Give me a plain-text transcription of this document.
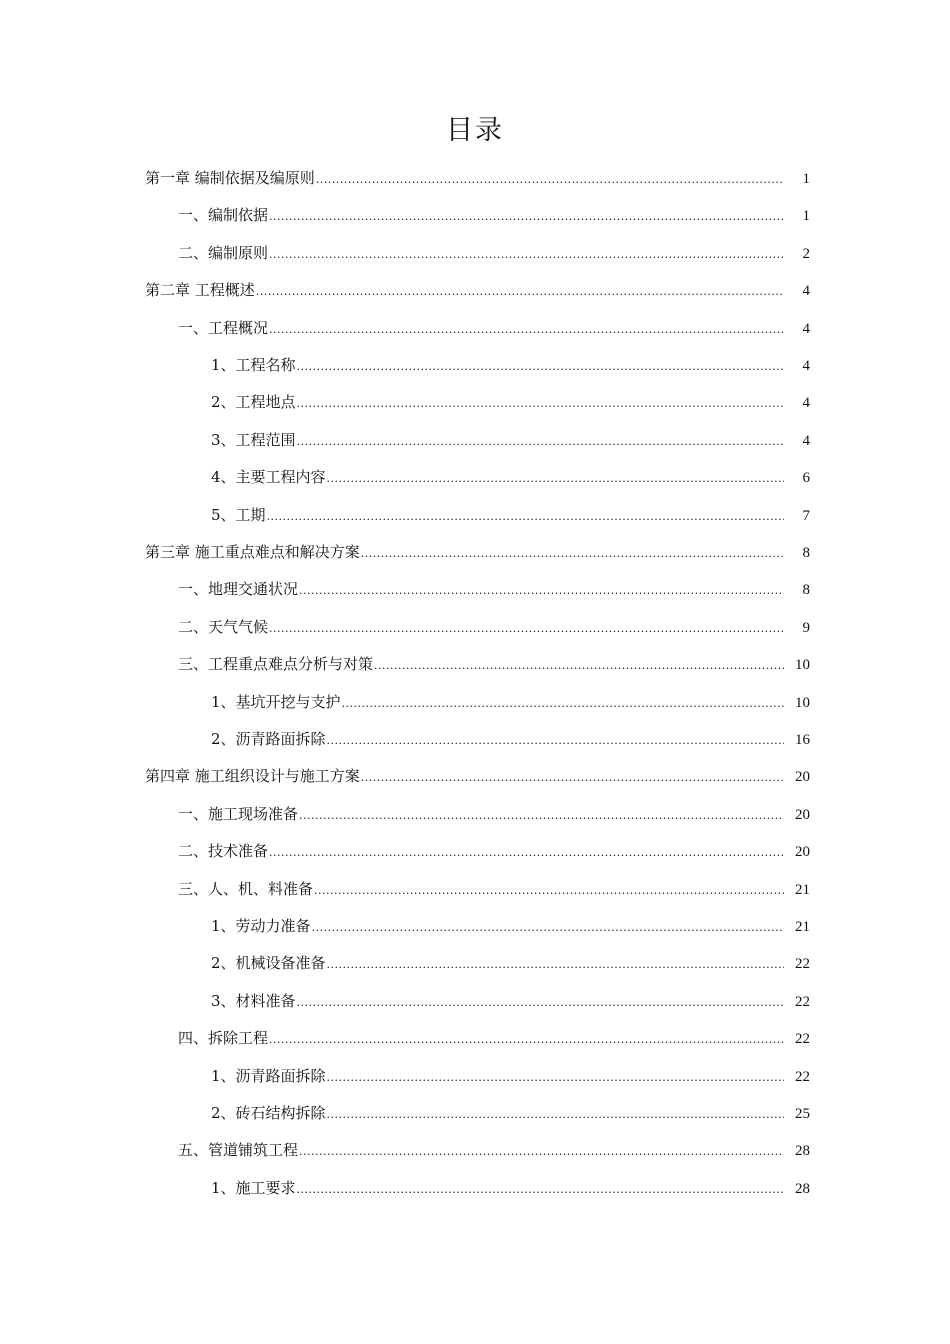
目录
第一章 编制依据及编原则 .....	1
一、编制依据 .....	1
二、编制原则 .....	2
第二章 工程概述 .....	4
一、工程概况 .....	4
1、工程名称 .....	4
2、工程地点 .....	4
3、工程范围 .....	4
4、主要工程内容 .....	6
5、工期 .....	7
第三章 施工重点难点和解决方案 .....	8
一、地理交通状况 .....	8
二、天气气候 .....	9
三、工程重点难点分析与对策 .....	10
1、基坑开挖与支护 .....	10
2、沥青路面拆除 .....	16
第四章 施工组织设计与施工方案 .....	20
一、施工现场准备 .....	20
二、技术准备 .....	20
三、人、机、料准备 .....	21
1、劳动力准备 .....	21
2、机械设备准备 .....	22
3、材料准备 .....	22
四、拆除工程 .....	22
1、沥青路面拆除 .....	22
2、砖石结构拆除 .....	25
五、管道铺筑工程 .....	28
1、施工要求 .....	28
